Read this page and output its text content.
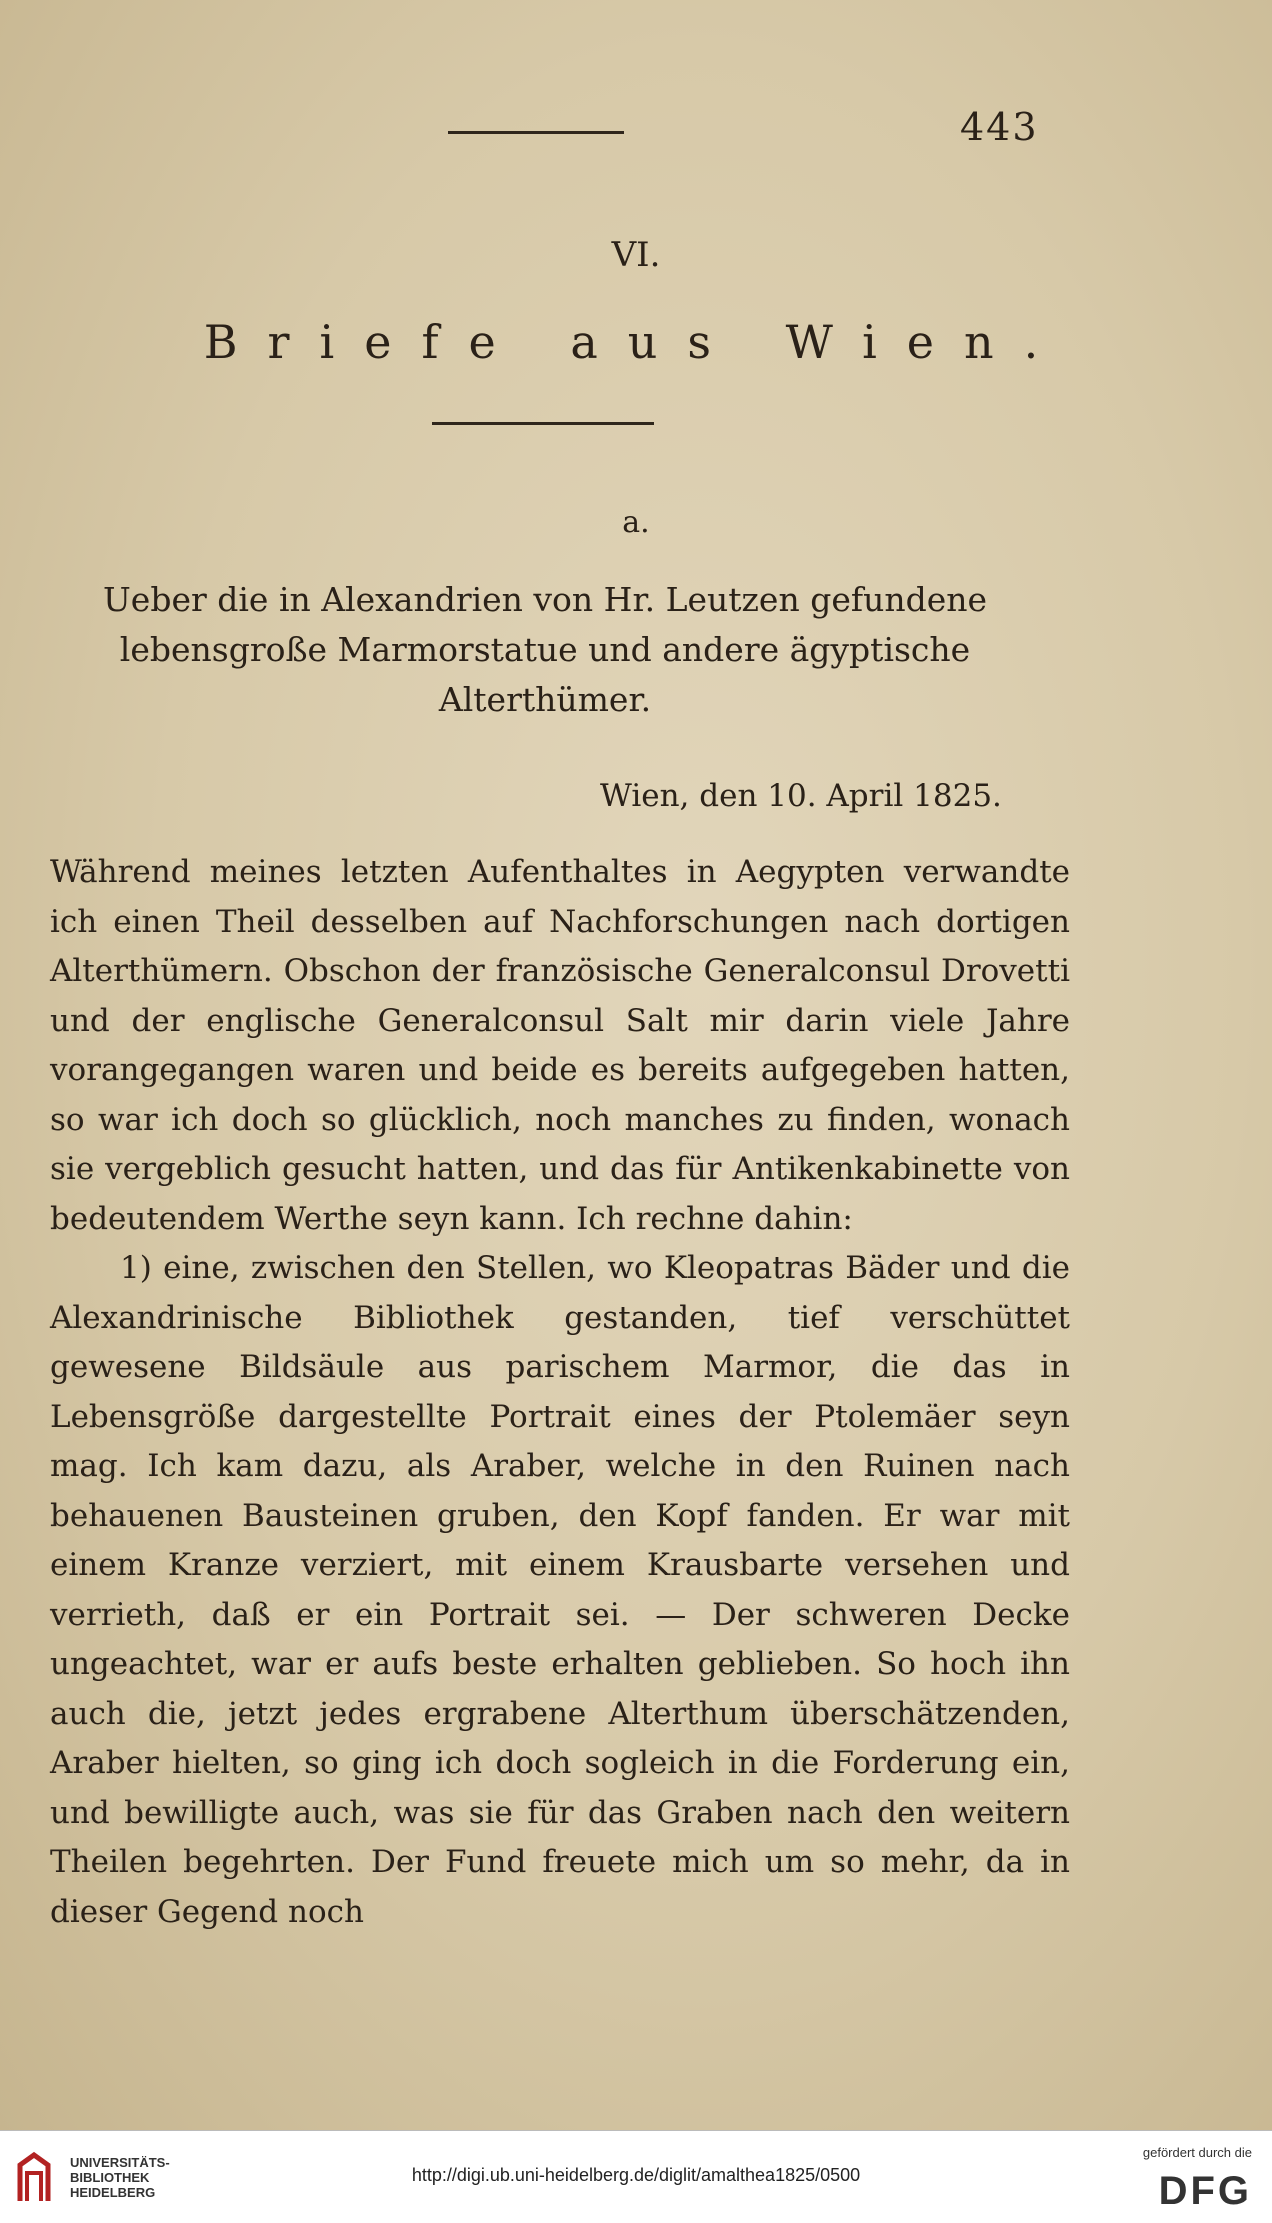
443
VI.
Briefe aus Wien.
a.
Ueber die in Alexandrien von Hr. Leutzen gefundene lebensgroße Marmorstatue und andere ägyptische Alterthümer.
Wien, den 10. April 1825.

Während meines letzten Aufenthaltes in Aegypten verwandte ich einen Theil desselben auf Nachforschungen nach dortigen Alterthümern. Obschon der französische Generalconsul Drovetti und der englische Generalconsul Salt mir darin viele Jahre vorangegangen waren und beide es bereits aufgegeben hatten, so war ich doch so glücklich, noch manches zu finden, wonach sie vergeblich gesucht hatten, und das für Antikenkabinette von bedeutendem Werthe seyn kann. Ich rechne dahin:

1) eine, zwischen den Stellen, wo Kleopatras Bäder und die Alexandrinische Bibliothek gestanden, tief verschüttet gewesene Bildsäule aus parischem Marmor, die das in Lebensgröße dargestellte Portrait eines der Ptolemäer seyn mag. Ich kam dazu, als Araber, welche in den Ruinen nach behauenen Bausteinen gruben, den Kopf fanden. Er war mit einem Kranze verziert, mit einem Krausbarte versehen und verrieth, daß er ein Portrait sei. — Der schweren Decke ungeachtet, war er aufs beste erhalten geblieben. So hoch ihn auch die, jetzt jedes ergrabene Alterthum überschätzenden, Araber hielten, so ging ich doch sogleich in die Forderung ein, und bewilligte auch, was sie für das Graben nach den weitern Theilen begehrten. Der Fund freuete mich um so mehr, da in dieser Gegend noch

UNIVERSITÄTS-
BIBLIOTHEK
HEIDELBERG
http://digi.ub.uni-heidelberg.de/diglit/amalthea1825/0500
gefördert durch die
DFG
